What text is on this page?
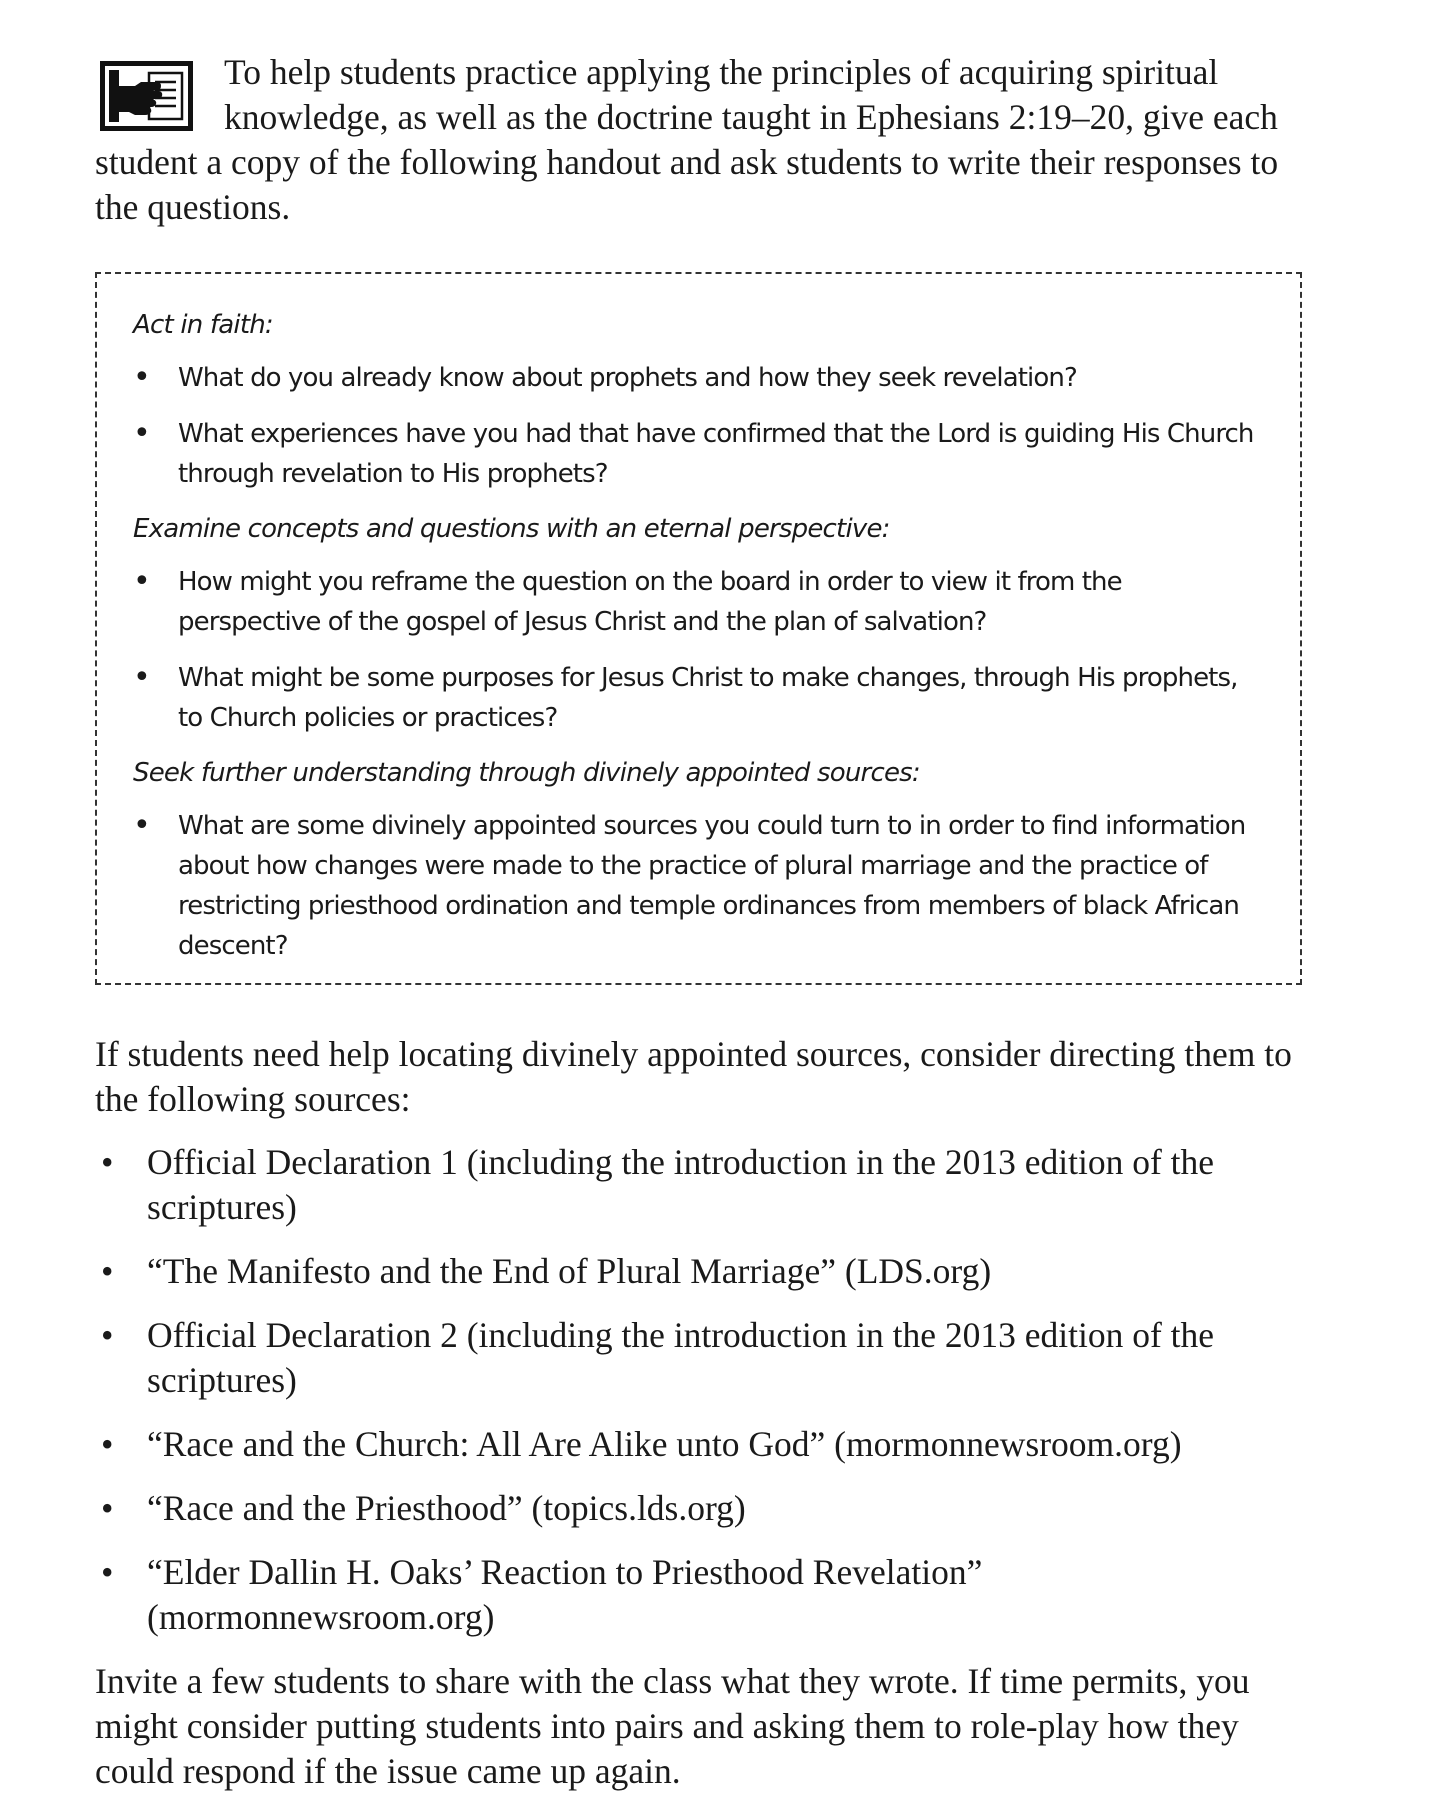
To help students practice applying the principles of acquiring spiritual knowledge, as well as the doctrine taught in Ephesians 2:19–20, give each student a copy of the following handout and ask students to write their responses to the questions.
Act in faith:
• What do you already know about prophets and how they seek revelation?
• What experiences have you had that have confirmed that the Lord is guiding His Church through revelation to His prophets?
Examine concepts and questions with an eternal perspective:
• How might you reframe the question on the board in order to view it from the perspective of the gospel of Jesus Christ and the plan of salvation?
• What might be some purposes for Jesus Christ to make changes, through His prophets, to Church policies or practices?
Seek further understanding through divinely appointed sources:
• What are some divinely appointed sources you could turn to in order to find information about how changes were made to the practice of plural marriage and the practice of restricting priesthood ordination and temple ordinances from members of black African descent?

If students need help locating divinely appointed sources, consider directing them to the following sources:

• Official Declaration 1 (including the introduction in the 2013 edition of the scriptures)
• “The Manifesto and the End of Plural Marriage” (LDS.org)
• Official Declaration 2 (including the introduction in the 2013 edition of the scriptures)
• “Race and the Church: All Are Alike unto God” (mormonnewsroom.org)
• “Race and the Priesthood” (topics.lds.org)
• “Elder Dallin H. Oaks’ Reaction to Priesthood Revelation” (mormonnewsroom.org)

Invite a few students to share with the class what they wrote. If time permits, you might consider putting students into pairs and asking them to role-play how they could respond if the issue came up again.
